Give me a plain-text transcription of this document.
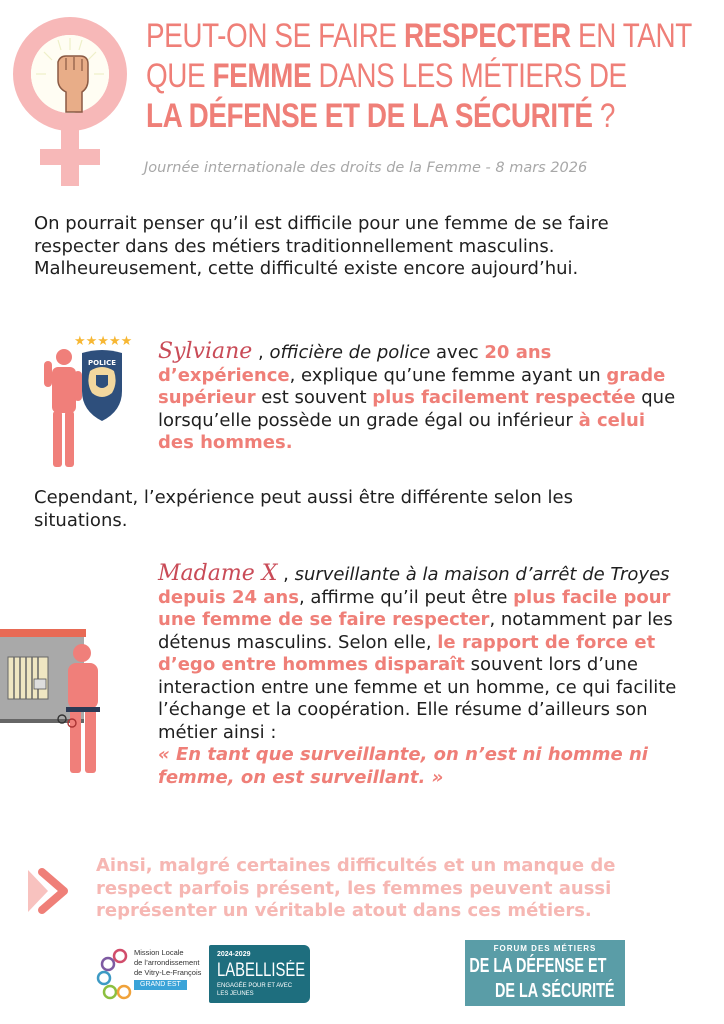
PEUT-ON SE FAIRE RESPECTER EN TANT
QUE FEMME DANS LES MÉTIERS DE
LA DÉFENSE ET DE LA SÉCURITÉ ?
Journée internationale des droits de la Femme - 8 mars 2026
On pourrait penser qu’il est difficile pour une femme de se faire respecter dans des métiers traditionnellement masculins. Malheureusement, cette difficulté existe encore aujourd’hui.
★★★★★
POLICE Sylviane , officière de police avec 20 ans d’expérience, explique qu’une femme ayant un grade supérieur est souvent plus facilement respectée que lorsqu’elle possède un grade égal ou inférieur à celui des hommes.
Cependant, l’expérience peut aussi être différente selon les situations.
Madame X , surveillante à la maison d’arrêt de Troyes depuis 24 ans, affirme qu’il peut être plus facile pour une femme de se faire respecter, notamment par les détenus masculins. Selon elle, le rapport de force et d’ego entre hommes disparaît souvent lors d’une interaction entre une femme et un homme, ce qui facilite l’échange et la coopération. Elle résume d’ailleurs son métier ainsi :
« En tant que surveillante, on n’est ni homme ni femme, on est surveillant. »
Ainsi, malgré certaines difficultés et un manque de respect parfois présent, les femmes peuvent aussi représenter un véritable atout dans ces métiers.
Mission Locale
de l’arrondissement
de Vitry-Le-François
GRAND EST
2024-2029
LABELLISÉE !
ENGAGÉE POUR ET AVEC
LES JEUNES
FORUM DES MÉTIERS
DE LA DÉFENSE ET
DE LA SÉCURITÉ
